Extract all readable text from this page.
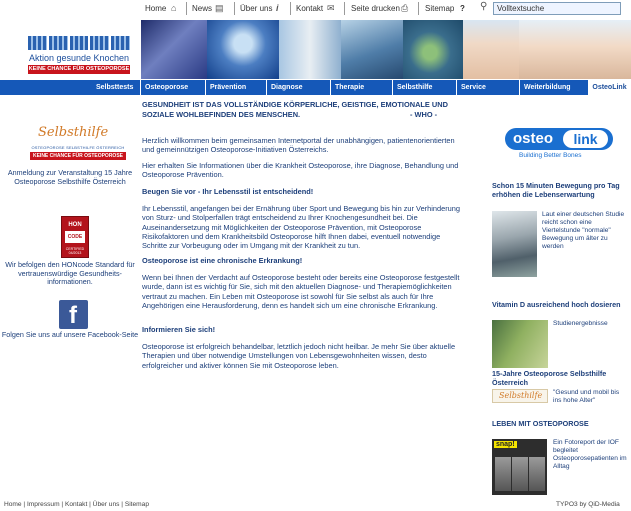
Home ⌂ News ▤ Über uns i Kontakt ✉ Seite drucken ⎙ Sitemap ? ⚲
Volltextsuche
Aktion gesunde Knochen
KEINE CHANCE FÜR OSTEOPOROSE
Selbsttests Osteoporose	Prävention	Diagnose	Therapie	Selbsthilfe	Service	Weiterbildung	OsteoLink
Selbsthilfe
OSTEOPOROSE SELBSTHILFE ÖSTERREICH
KEINE CHANCE FÜR OSTEOPOROSE
Anmeldung zur Veranstaltung 15 Jahre Osteoporose Selbsthilfe Österreich
HON
CODE
CERTIFIED 04/2013
Wir befolgen den HONcode Standard für vertrauenswürdige Gesundheits- informationen.
f
Folgen Sie uns auf unsere Facebook-Seite
GESUNDHEIT IST DAS VOLLSTÄNDIGE KÖRPERLICHE, GEISTIGE, EMOTIONALE UND SOZIALE WOHLBEFINDEN DES MENSCHEN.	- WHO -
Herzlich willkommen beim gemeinsamen Internetportal der unabhängigen, patientenorientierten und gemeinnützigen Osteoporose-Initiativen Österreichs.
Hier erhalten Sie Informationen über die Krankheit Osteoporose, ihre Diagnose, Behandlung und Osteoporose Prävention.
Beugen Sie vor - Ihr Lebensstil ist entscheidend!
Ihr Lebensstil, angefangen bei der Ernährung über Sport und Bewegung bis hin zur Verhinderung von Sturz- und Stolperfallen trägt entscheidend zu Ihrer Knochengesundheit bei. Die Auseinandersetzung mit Möglichkeiten der Osteoporose Prävention, mit Osteoporose Risikofaktoren und dem Krankheitsbild Osteoporose hilft Ihnen dabei, eventuell notwendige Schritte zur Vorbeugung oder im Umgang mit der Krankheit zu tun.
Osteoporose ist eine chronische Erkrankung!
Wenn bei Ihnen der Verdacht auf Osteoporose besteht oder bereits eine Osteoporose festgestellt wurde, dann ist es wichtig für Sie, sich mit den aktuellen Diagnose- und Therapiemöglichkeiten vertraut zu machen. Ein Leben mit Osteoporose ist sowohl für Sie selbst als auch für Ihre Angehörigen eine Herausforderung, denn es handelt sich um eine chronische Erkrankung.
Informieren Sie sich!
Osteoporose ist erfolgreich behandelbar, letztlich jedoch nicht heilbar. Je mehr Sie über aktuelle Therapien und über notwendige Umstellungen von Lebensgewohnheiten wissen, desto erfolgreicher und aktiver können Sie mit Osteoporose leben.
osteo	link
Building Better Bones
Schon 15 Minuten Bewegung pro Tag erhöhen die Lebenserwartung
Laut einer deutschen Studie reicht schon eine Viertelstunde "normale" Bewegung um älter zu werden
Vitamin D ausreichend hoch dosieren
Studienergebnisse
15-Jahre Osteoporose Selbsthilfe Österreich
Selbsthilfe "Gesund und mobil bis ins hohe Alter"
LEBEN MIT OSTEOPOROSE
snap!	Ein Fotoreport der IOF begleitet Osteoporosepatienten im Alltag
Home | Impressum | Kontakt | Über uns | Sitemap	TYPO3 by QiD-Media
